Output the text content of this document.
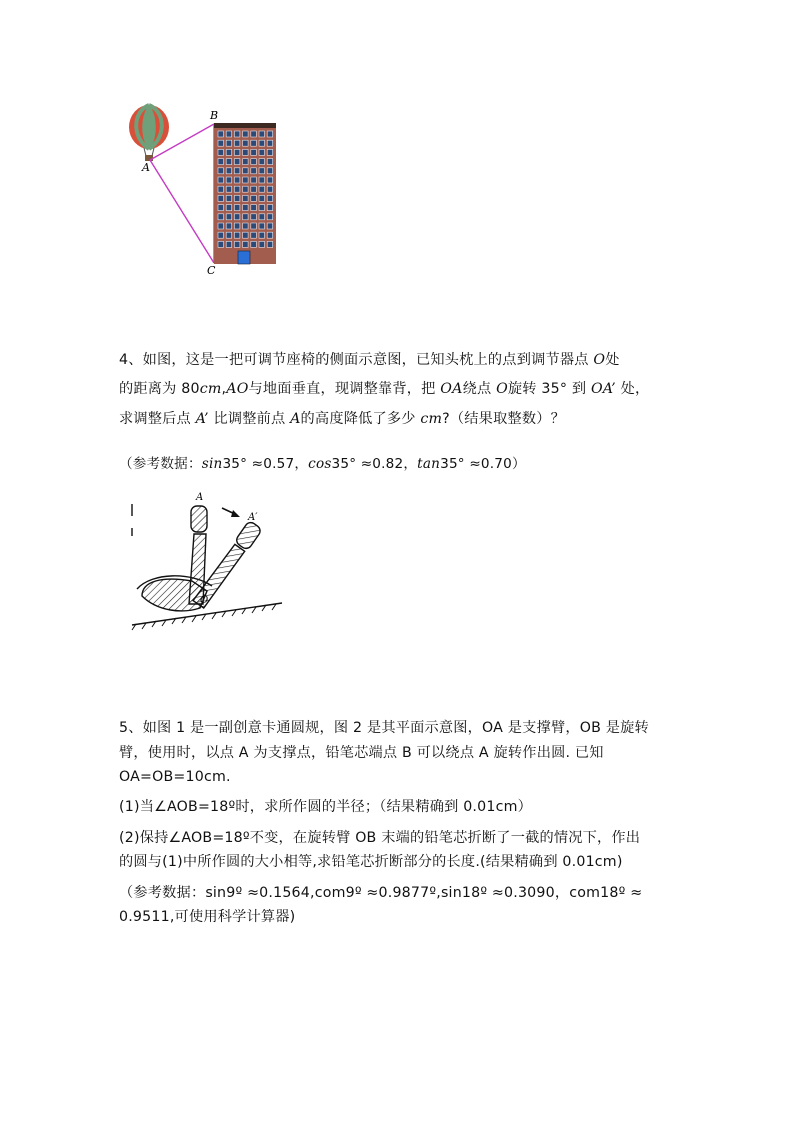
B
A
C

4、如图，这是一把可调节座椅的侧面示意图，已知头枕上的点到调节器点 O处

的距离为 80cm,AO与地面垂直，现调整靠背，把 OA绕点 O旋转 35° 到 OA’ 处，

求调整后点 A’ 比调整前点 A的高度降低了多少 cm?（结果取整数）？

（参考数据：sin35° ≈0.57，cos35° ≈0.82，tan35° ≈0.70）

A
A′
O

5、如图 1 是一副创意卡通圆规，图 2 是其平面示意图，OA 是支撑臂，OB 是旋转

臂，使用时，以点 A 为支撑点，铅笔芯端点 B 可以绕点 A 旋转作出圆. 已知

OA=OB=10cm.

(1)当∠AOB=18º时，求所作圆的半径；（结果精确到 0.01cm）

(2)保持∠AOB=18º不变，在旋转臂 OB 末端的铅笔芯折断了一截的情况下，作出

的圆与(1)中所作圆的大小相等,求铅笔芯折断部分的长度.(结果精确到 0.01cm)

（参考数据：sin9º ≈0.1564,com9º ≈0.9877º,sin18º ≈0.3090，com18º ≈

0.9511,可使用科学计算器)
